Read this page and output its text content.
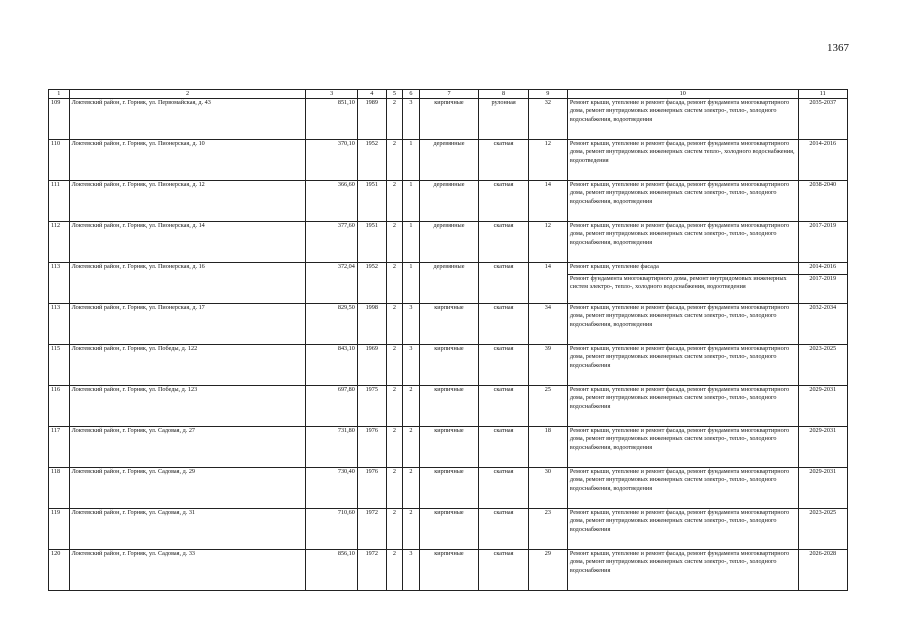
1367
1	2	3	4	5	6	7	8	9	10	11
109	Локтевский район, г. Горняк, ул. Первомайская, д. 43	851,10	1989	2	3	кирпичные	рулонная	32	Ремонт крыши, утепление и ремонт фасада, ремонт фундамента многоквартирного дома, ремонт внутридомовых инженерных систем электро-, тепло-, холодного водоснабжения, водоотведения	2035-2037
110	Локтевский район, г. Горняк, ул. Пионерская, д. 10	370,10	1952	2	1	деревянные	скатная	12	Ремонт крыши, утепление и ремонт фасада, ремонт фундамента многоквартирного дома, ремонт внутридомовых инженерных систем тепло-, холодного водоснабжения, водоотведения	2014-2016
111	Локтевский район, г. Горняк, ул. Пионерская, д. 12	366,60	1951	2	1	деревянные	скатная	14	Ремонт крыши, утепление и ремонт фасада, ремонт фундамента многоквартирного дома, ремонт внутридомовых инженерных систем электро-, тепло-, холодного водоснабжения, водоотведения	2038-2040
112	Локтевский район, г. Горняк, ул. Пионерская, д. 14	377,60	1951	2	1	деревянные	скатная	12	Ремонт крыши, утепление и ремонт фасада, ремонт фундамента многоквартирного дома, ремонт внутридомовых инженерных систем электро-, тепло-, холодного водоснабжения, водоотведения	2017-2019
113	Локтевский район, г. Горняк, ул. Пионерская, д. 16	372,04	1952	2	1	деревянные	скатная	14	Ремонт крыши, утепление фасада	2014-2016
									Ремонт фундамента многоквартирного дома, ремонт внутридомовых инженерных систем электро-, тепло-, холодного водоснабжения, водоотведения	2017-2019
113	Локтевский район, г. Горняк, ул. Пионерская, д. 17	829,50	1998	2	3	кирпичные	скатная	34	Ремонт крыши, утепление и ремонт фасада, ремонт фундамента многоквартирного дома, ремонт внутридомовых инженерных систем электро-, тепло-, холодного водоснабжения, водоотведения	2032-2034
115	Локтевский район, г. Горняк, ул. Победы, д. 122	843,10	1969	2	3	кирпичные	скатная	39	Ремонт крыши, утепление и ремонт фасада, ремонт фундамента многоквартирного дома, ремонт внутридомовых инженерных систем электро-, тепло-, холодного водоснабжения	2023-2025
116	Локтевский район, г. Горняк, ул. Победы, д. 123	697,80	1975	2	2	кирпичные	скатная	25	Ремонт крыши, утепление и ремонт фасада, ремонт фундамента многоквартирного дома, ремонт внутридомовых инженерных систем электро-, тепло-, холодного водоснабжения	2029-2031
117	Локтевский район, г. Горняк, ул. Садовая, д. 27	731,80	1976	2	2	кирпичные	скатная	18	Ремонт крыши, утепление и ремонт фасада, ремонт фундамента многоквартирного дома, ремонт внутридомовых инженерных систем электро-, тепло-, холодного водоснабжения, водоотведения	2029-2031
118	Локтевский район, г. Горняк, ул. Садовая, д. 29	730,40	1976	2	2	кирпичные	скатная	30	Ремонт крыши, утепление и ремонт фасада, ремонт фундамента многоквартирного дома, ремонт внутридомовых инженерных систем электро-, тепло-, холодного водоснабжения, водоотведения	2029-2031
119	Локтевский район, г. Горняк, ул. Садовая, д. 31	710,60	1972	2	2	кирпичные	скатная	23	Ремонт крыши, утепление и ремонт фасада, ремонт фундамента многоквартирного дома, ремонт внутридомовых инженерных систем электро-, тепло-, холодного водоснабжения	2023-2025
120	Локтевский район, г. Горняк, ул. Садовая, д. 33	856,10	1972	2	3	кирпичные	скатная	29	Ремонт крыши, утепление и ремонт фасада, ремонт фундамента многоквартирного дома, ремонт внутридомовых инженерных систем электро-, тепло-, холодного водоснабжения	2026-2028
